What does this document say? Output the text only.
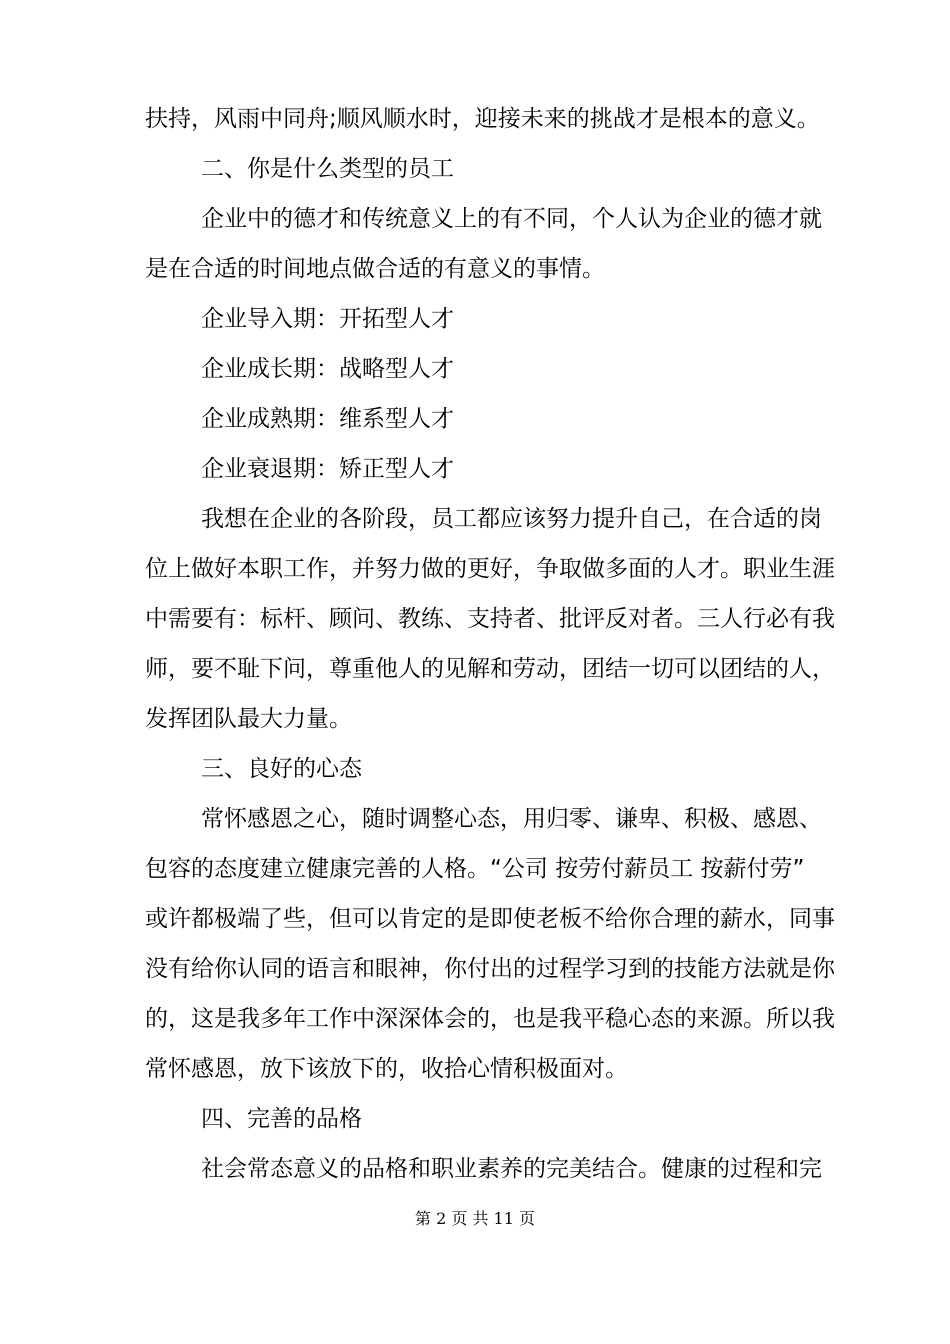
扶持，风雨中同舟;顺风顺水时，迎接未来的挑战才是根本的意义。
二、你是什么类型的员工
企业中的德才和传统意义上的有不同，个人认为企业的德才就
是在合适的时间地点做合适的有意义的事情。
企业导入期：开拓型人才
企业成长期：战略型人才
企业成熟期：维系型人才
企业衰退期：矫正型人才
我想在企业的各阶段，员工都应该努力提升自己，在合适的岗
位上做好本职工作，并努力做的更好，争取做多面的人才。职业生涯
中需要有：标杆、顾问、教练、支持者、批评反对者。三人行必有我
师，要不耻下问，尊重他人的见解和劳动，团结一切可以团结的人，
发挥团队最大力量。
三、良好的心态
常怀感恩之心，随时调整心态，用归零、谦卑、积极、感恩、
包容的态度建立健康完善的人格。“公司 按劳付薪员工 按薪付劳”
或许都极端了些，但可以肯定的是即使老板不给你合理的薪水，同事
没有给你认同的语言和眼神，你付出的过程学习到的技能方法就是你
的，这是我多年工作中深深体会的，也是我平稳心态的来源。所以我
常怀感恩，放下该放下的，收拾心情积极面对。
四、完善的品格
社会常态意义的品格和职业素养的完美结合。健康的过程和完
第 2 页 共 11 页
